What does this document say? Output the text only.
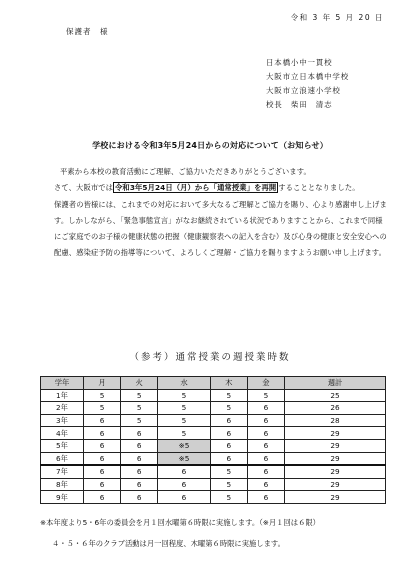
令和 3 年 5 月 20 日
保護者　様
日本橋小中一貫校
大阪市立日本橋中学校
大阪市立浪速小学校
校長　柴田　清志
学校における令和3年5月24日からの対応について（お知らせ）
平素から本校の教育活動にご理解、ご協力いただきありがとうございます。
さて、大阪市では 令和3年5月24日（月）から「通常授業」を再開 することとなりました。
保護者の皆様には、これまでの対応において多大なるご理解とご協力を賜り、心より感謝申し上げます。しかしながら、「緊急事態宣言」がなお継続されている状況でありますことから、これまで同様にご家庭でのお子様の健康状態の把握（健康観察表への記入を含む）及び心身の健康と安全安心への配慮、感染症予防の指導等について、よろしくご理解・ご協力を賜りますようお願い申し上げます。
（参考）通常授業の週授業時数
学年	月	火	水	木	金	週計
1年	5	5	5	5	5	25
2年	5	5	5	5	6	26
3年	6	5	5	6	6	28
4年	6	6	5	6	6	29
5年	6	6	※5	6	6	29
6年	6	6	※5	6	6	29
7年	6	6	6	5	6	29
8年	6	6	6	5	6	29
9年	6	6	6	5	6	29
※本年度より5・6年の委員会を月１回水曜第６時限に実施します。（※月１回は６限）
４・５・６年のクラブ活動は月一回程度、木曜第６時限に実施します。
